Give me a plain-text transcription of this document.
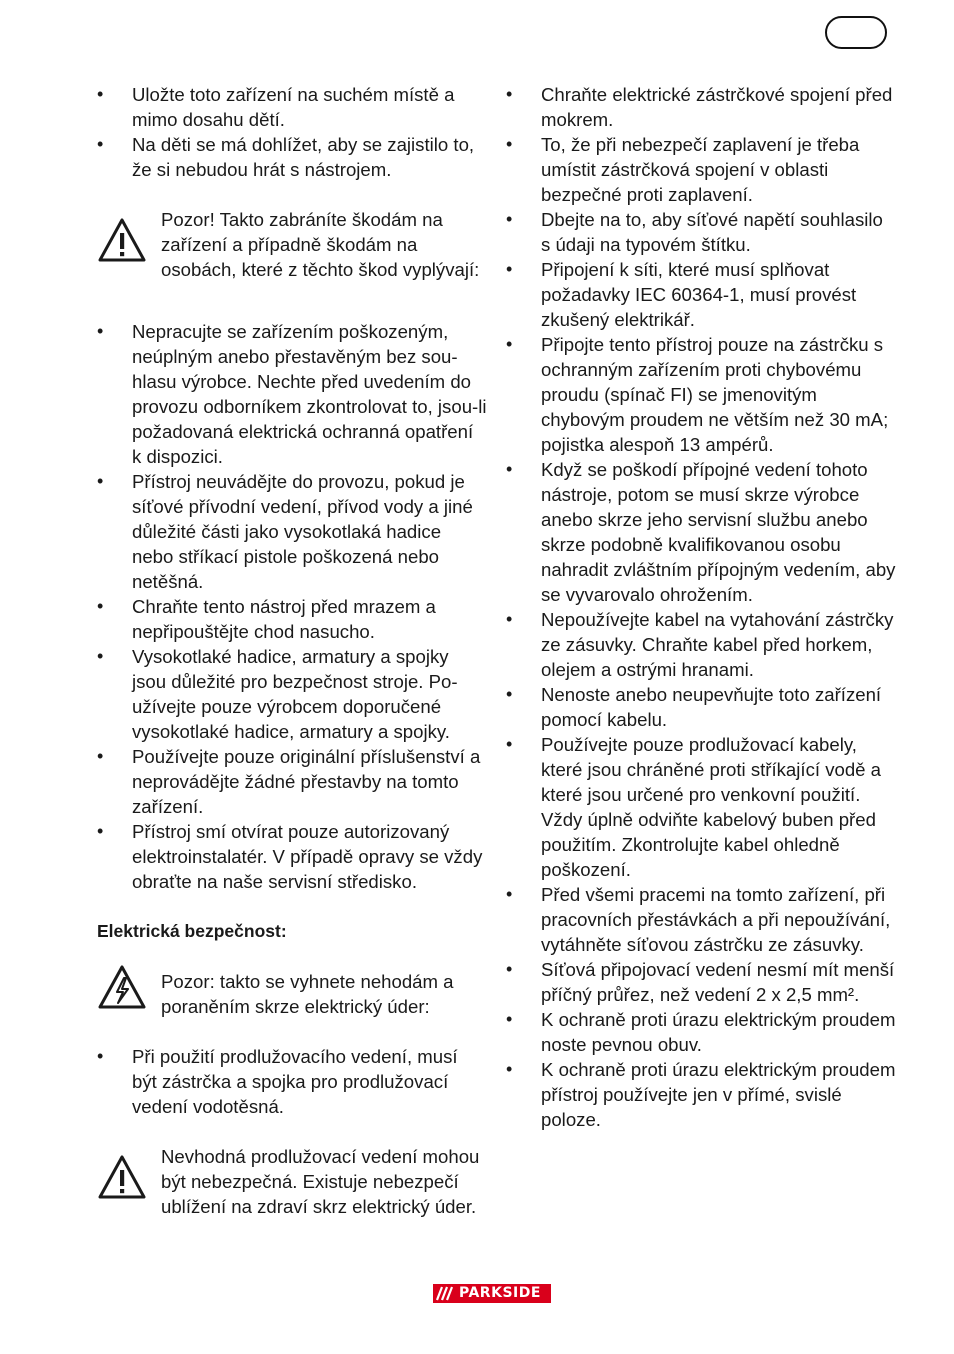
• Uložte toto zařízení na suchém místě a mimo dosahu dětí.
• Na děti se má dohlížet, aby se zajistilo to, že si nebudou hrát s nástrojem.
Pozor! Takto zabráníte škodám na zařízení a případně škodám na osobách, které z těchto škod vyplývají:
• Nepracujte se zařízením poškozeným, neúplným anebo přestavěným bez souhlasu výrobce. Nechte před uvedením do provozu odborníkem zkontrolovat to, jsou-li požadovaná elektrická ochranná opatření k dispozici.
• Přístroj neuvádějte do provozu, pokud je síťové přívodní vedení, přívod vody a jiné důležité části jako vysokotlaká hadice nebo stříkací pistole poškozená nebo netěšná.
• Chraňte tento nástroj před mrazem a nepřipouštějte chod nasucho.
• Vysokotlaké hadice, armatury a spojky jsou důležité pro bezpečnost stroje. Používejte pouze výrobcem doporučené vysokotlaké hadice, armatury a spojky.
• Používejte pouze originální příslušenství a neprovádějte žádné přestavby na tomto zařízení.
• Přístroj smí otvírat pouze autorizovaný elektroinstalatér. V případě opravy se vždy obraťte na naše servisní středisko.
Elektrická bezpečnost:
Pozor: takto se vyhnete nehodám a poraněním skrze elektrický úder:
• Při použití prodlužovacího vedení, musí být zástrčka a spojka pro prodlužovací vedení vodotěsná.
Nevhodná prodlužovací vedení mohou být nebezpečná. Existuje nebezpečí ublížení na zdraví skrz elektrický úder.
• Chraňte elektrické zástrčkové spojení před mokrem.
• To, že při nebezpečí zaplavení je třeba umístit zástrčková spojení v oblasti bezpečné proti zaplavení.
• Dbejte na to, aby síťové napětí souhlasilo s údaji na typovém štítku.
• Připojení k síti, které musí splňovat požadavky IEC 60364-1, musí provést zkušený elektrikář.
• Připojte tento přístroj pouze na zástrčku s ochranným zařízením proti chybovému proudu (spínač FI) se jmenovitým chybovým proudem ne větším než 30 mA; pojistka alespoň 13 ampérů.
• Když se poškodí přípojné vedení tohoto nástroje, potom se musí skrze výrobce anebo skrze jeho servisní službu anebo skrze podobně kvalifikovanou osobu nahradit zvláštním přípojným vedením, aby se vyvarovalo ohrožením.
• Nepoužívejte kabel na vytahování zástrčky ze zásuvky. Chraňte kabel před horkem, olejem a ostrými hranami.
• Nenoste anebo neupevňujte toto zařízení pomocí kabelu.
• Používejte pouze prodlužovací kabely, které jsou chráněné proti stříkající vodě a které jsou určené pro venkovní použití. Vždy úplně odviňte kabelový buben před použitím. Zkontrolujte kabel ohledně poškození.
• Před všemi pracemi na tomto zařízení, při pracovních přestávkách a při nepoužívání, vytáhněte síťovou zástrčku ze zásuvky.
• Síťová připojovací vedení nesmí mít menší příčný průřez, než vedení 2 x 2,5 mm².
• K ochraně proti úrazu elektrickým proudem noste pevnou obuv.
• K ochraně proti úrazu elektrickým proudem přístroj používejte jen v přímé, svislé poloze.
PARKSIDE
